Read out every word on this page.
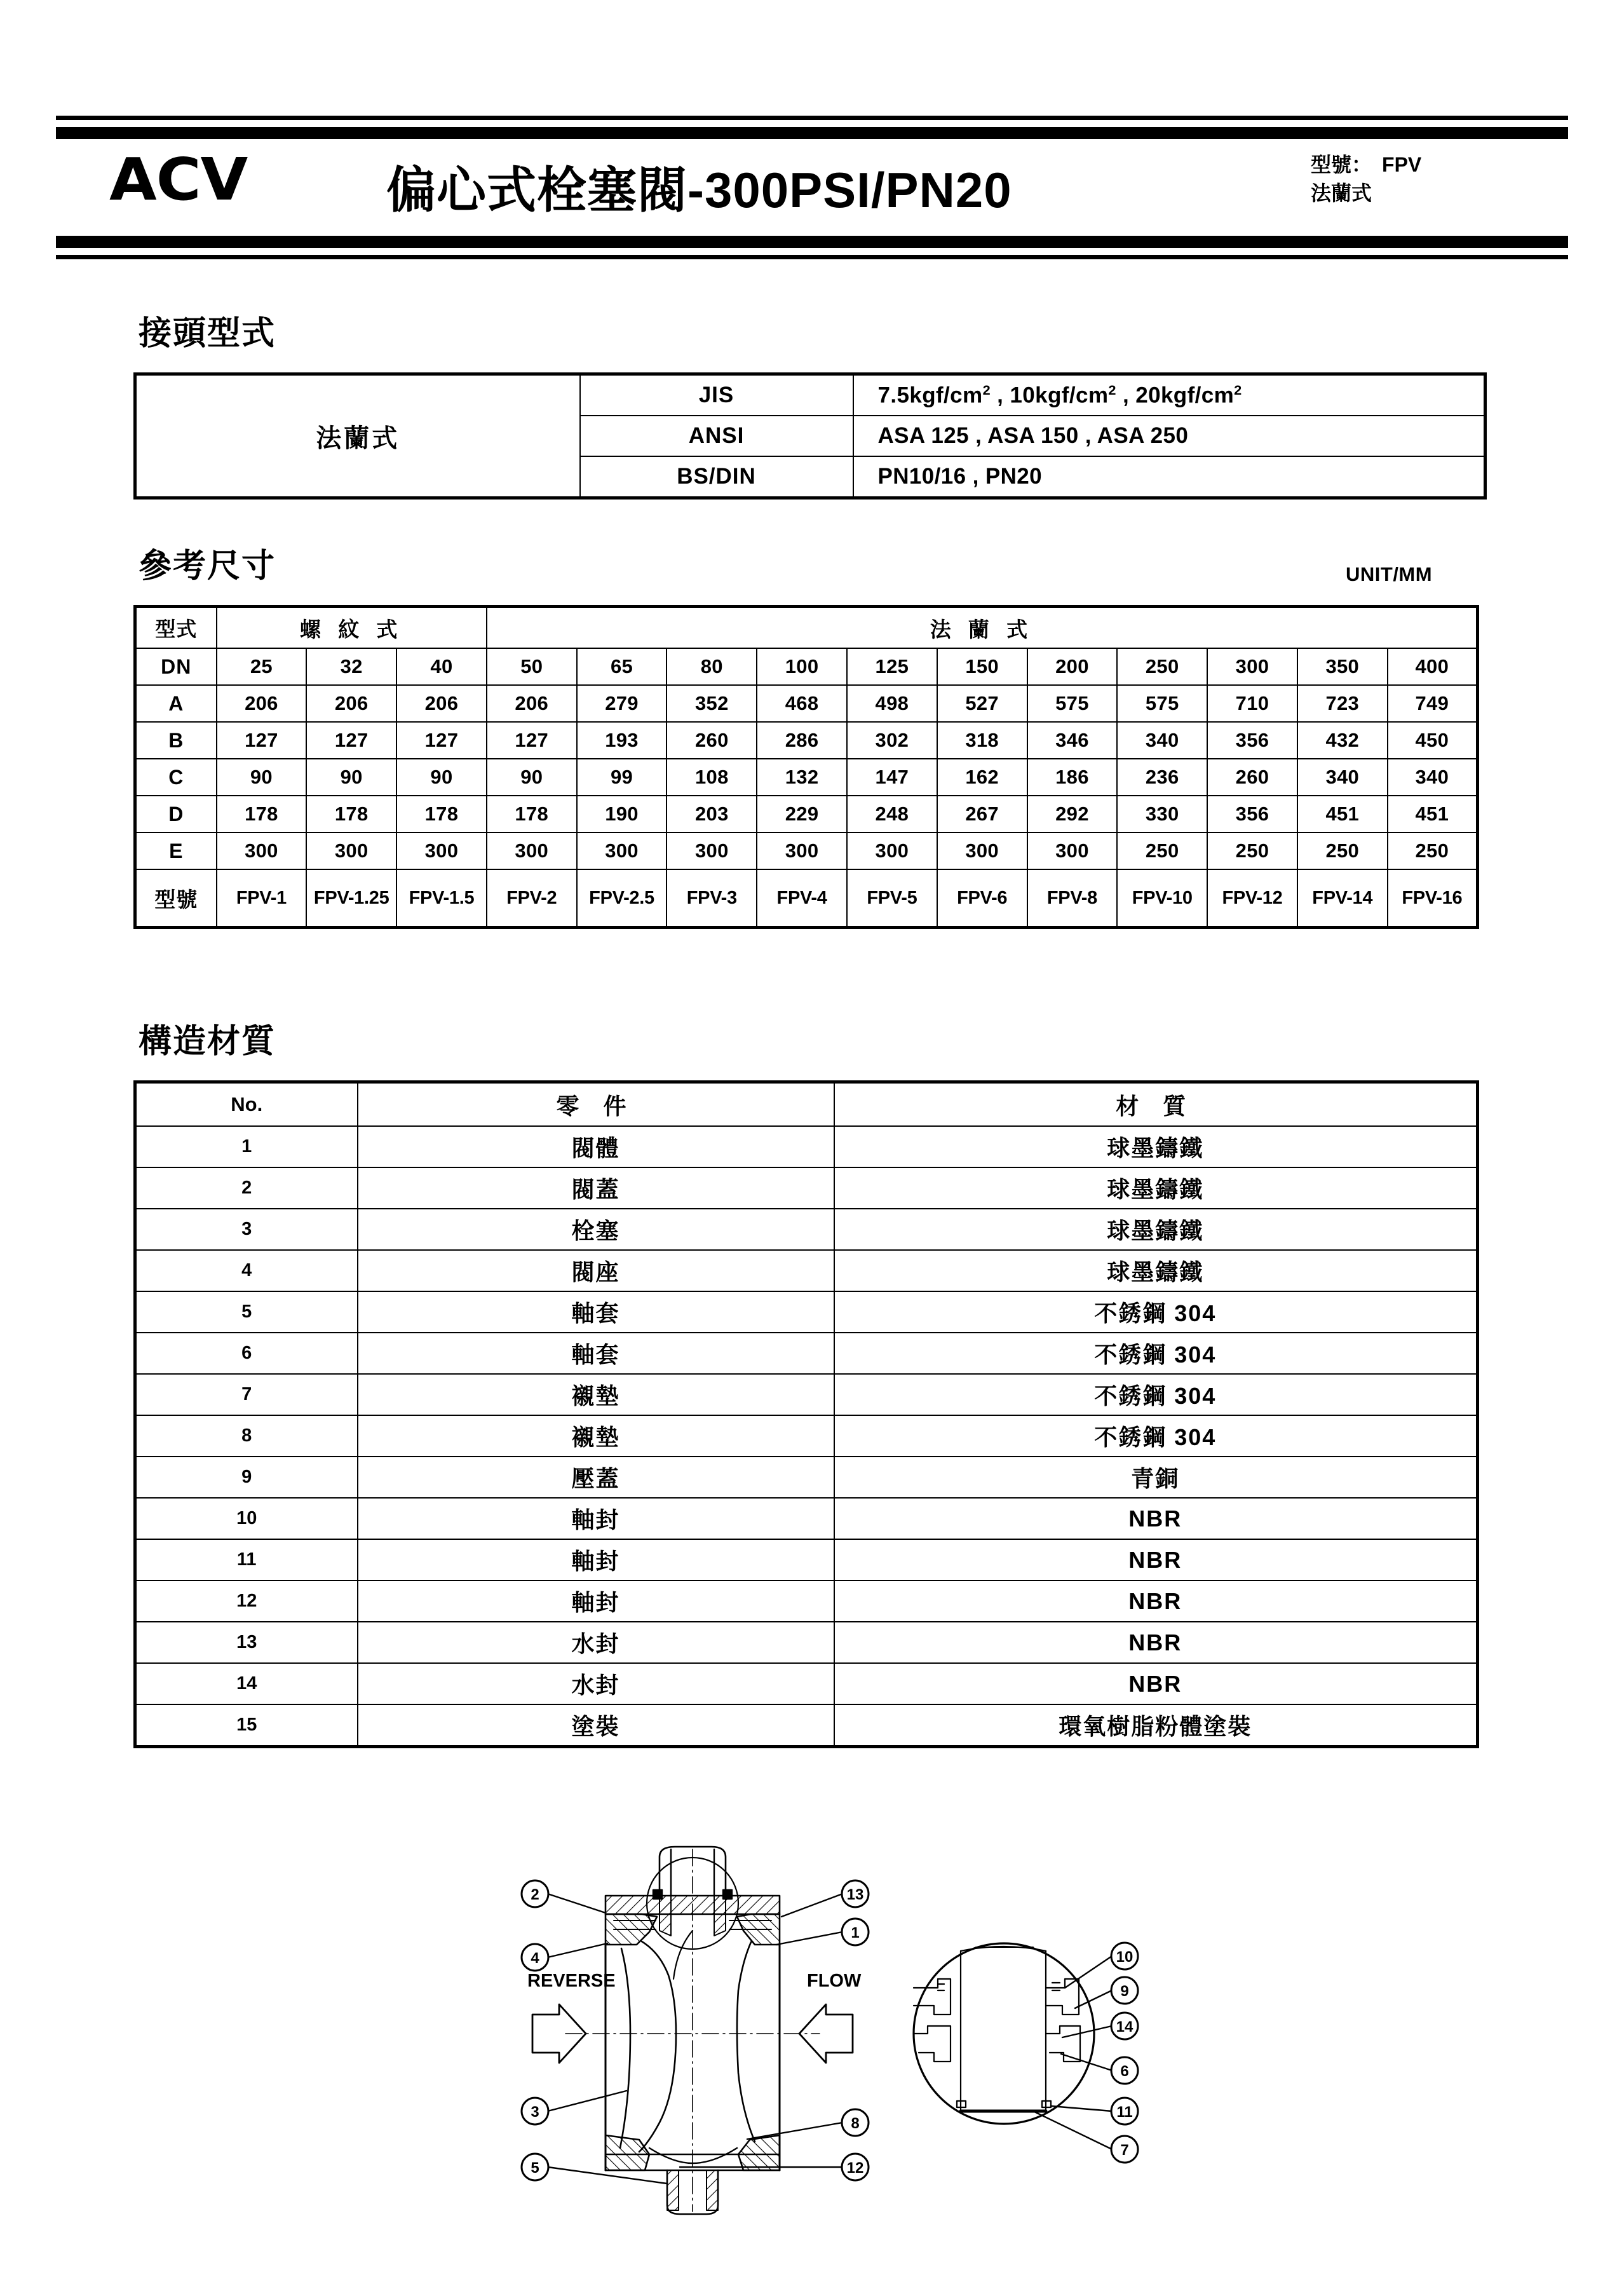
ACV	偏心式栓塞閥-300PSI/PN20	型號： FPV
法蘭式
接頭型式
法蘭式	JIS	$7.5kgf/cm^2$ , $10kgf/cm^2$ , $20kgf/cm^2$
	ANSI	ASA 125 , ASA 150 , ASA 250
	BS/DIN	PN10/16 , PN20
參考尺寸	UNIT/MM
型式	螺 紋 式			法 蘭 式										
DN	25	32	40	50	65	80	100	125	150	200	250	300	350	400
A	206	206	206	206	279	352	468	498	527	575	575	710	723	749
B	127	127	127	127	193	260	286	302	318	346	340	356	432	450
C	90	90	90	90	99	108	132	147	162	186	236	260	340	340
D	178	178	178	178	190	203	229	248	267	292	330	356	451	451
E	300	300	300	300	300	300	300	300	300	300	250	250	250	250
型號	FPV-1	FPV-1.25	FPV-1.5	FPV-2	FPV-2.5	FPV-3	FPV-4	FPV-5	FPV-6	FPV-8	FPV-10	FPV-12	FPV-14	FPV-16
構造材質
No.	零 件	材 質
1	閥體	球墨鑄鐵
2	閥蓋	球墨鑄鐵
3	栓塞	球墨鑄鐵
4	閥座	球墨鑄鐵
5	軸套	不銹鋼 304
6	軸套	不銹鋼 304
7	襯墊	不銹鋼 304
8	襯墊	不銹鋼 304
9	壓蓋	青銅
10	軸封	NBR
11	軸封	NBR
12	軸封	NBR
13	水封	NBR
14	水封	NBR
15	塗裝	環氧樹脂粉體塗裝
2
4
3
5
13
1
8
12
10
9
14
6
11
7
REVERSE	FLOW
